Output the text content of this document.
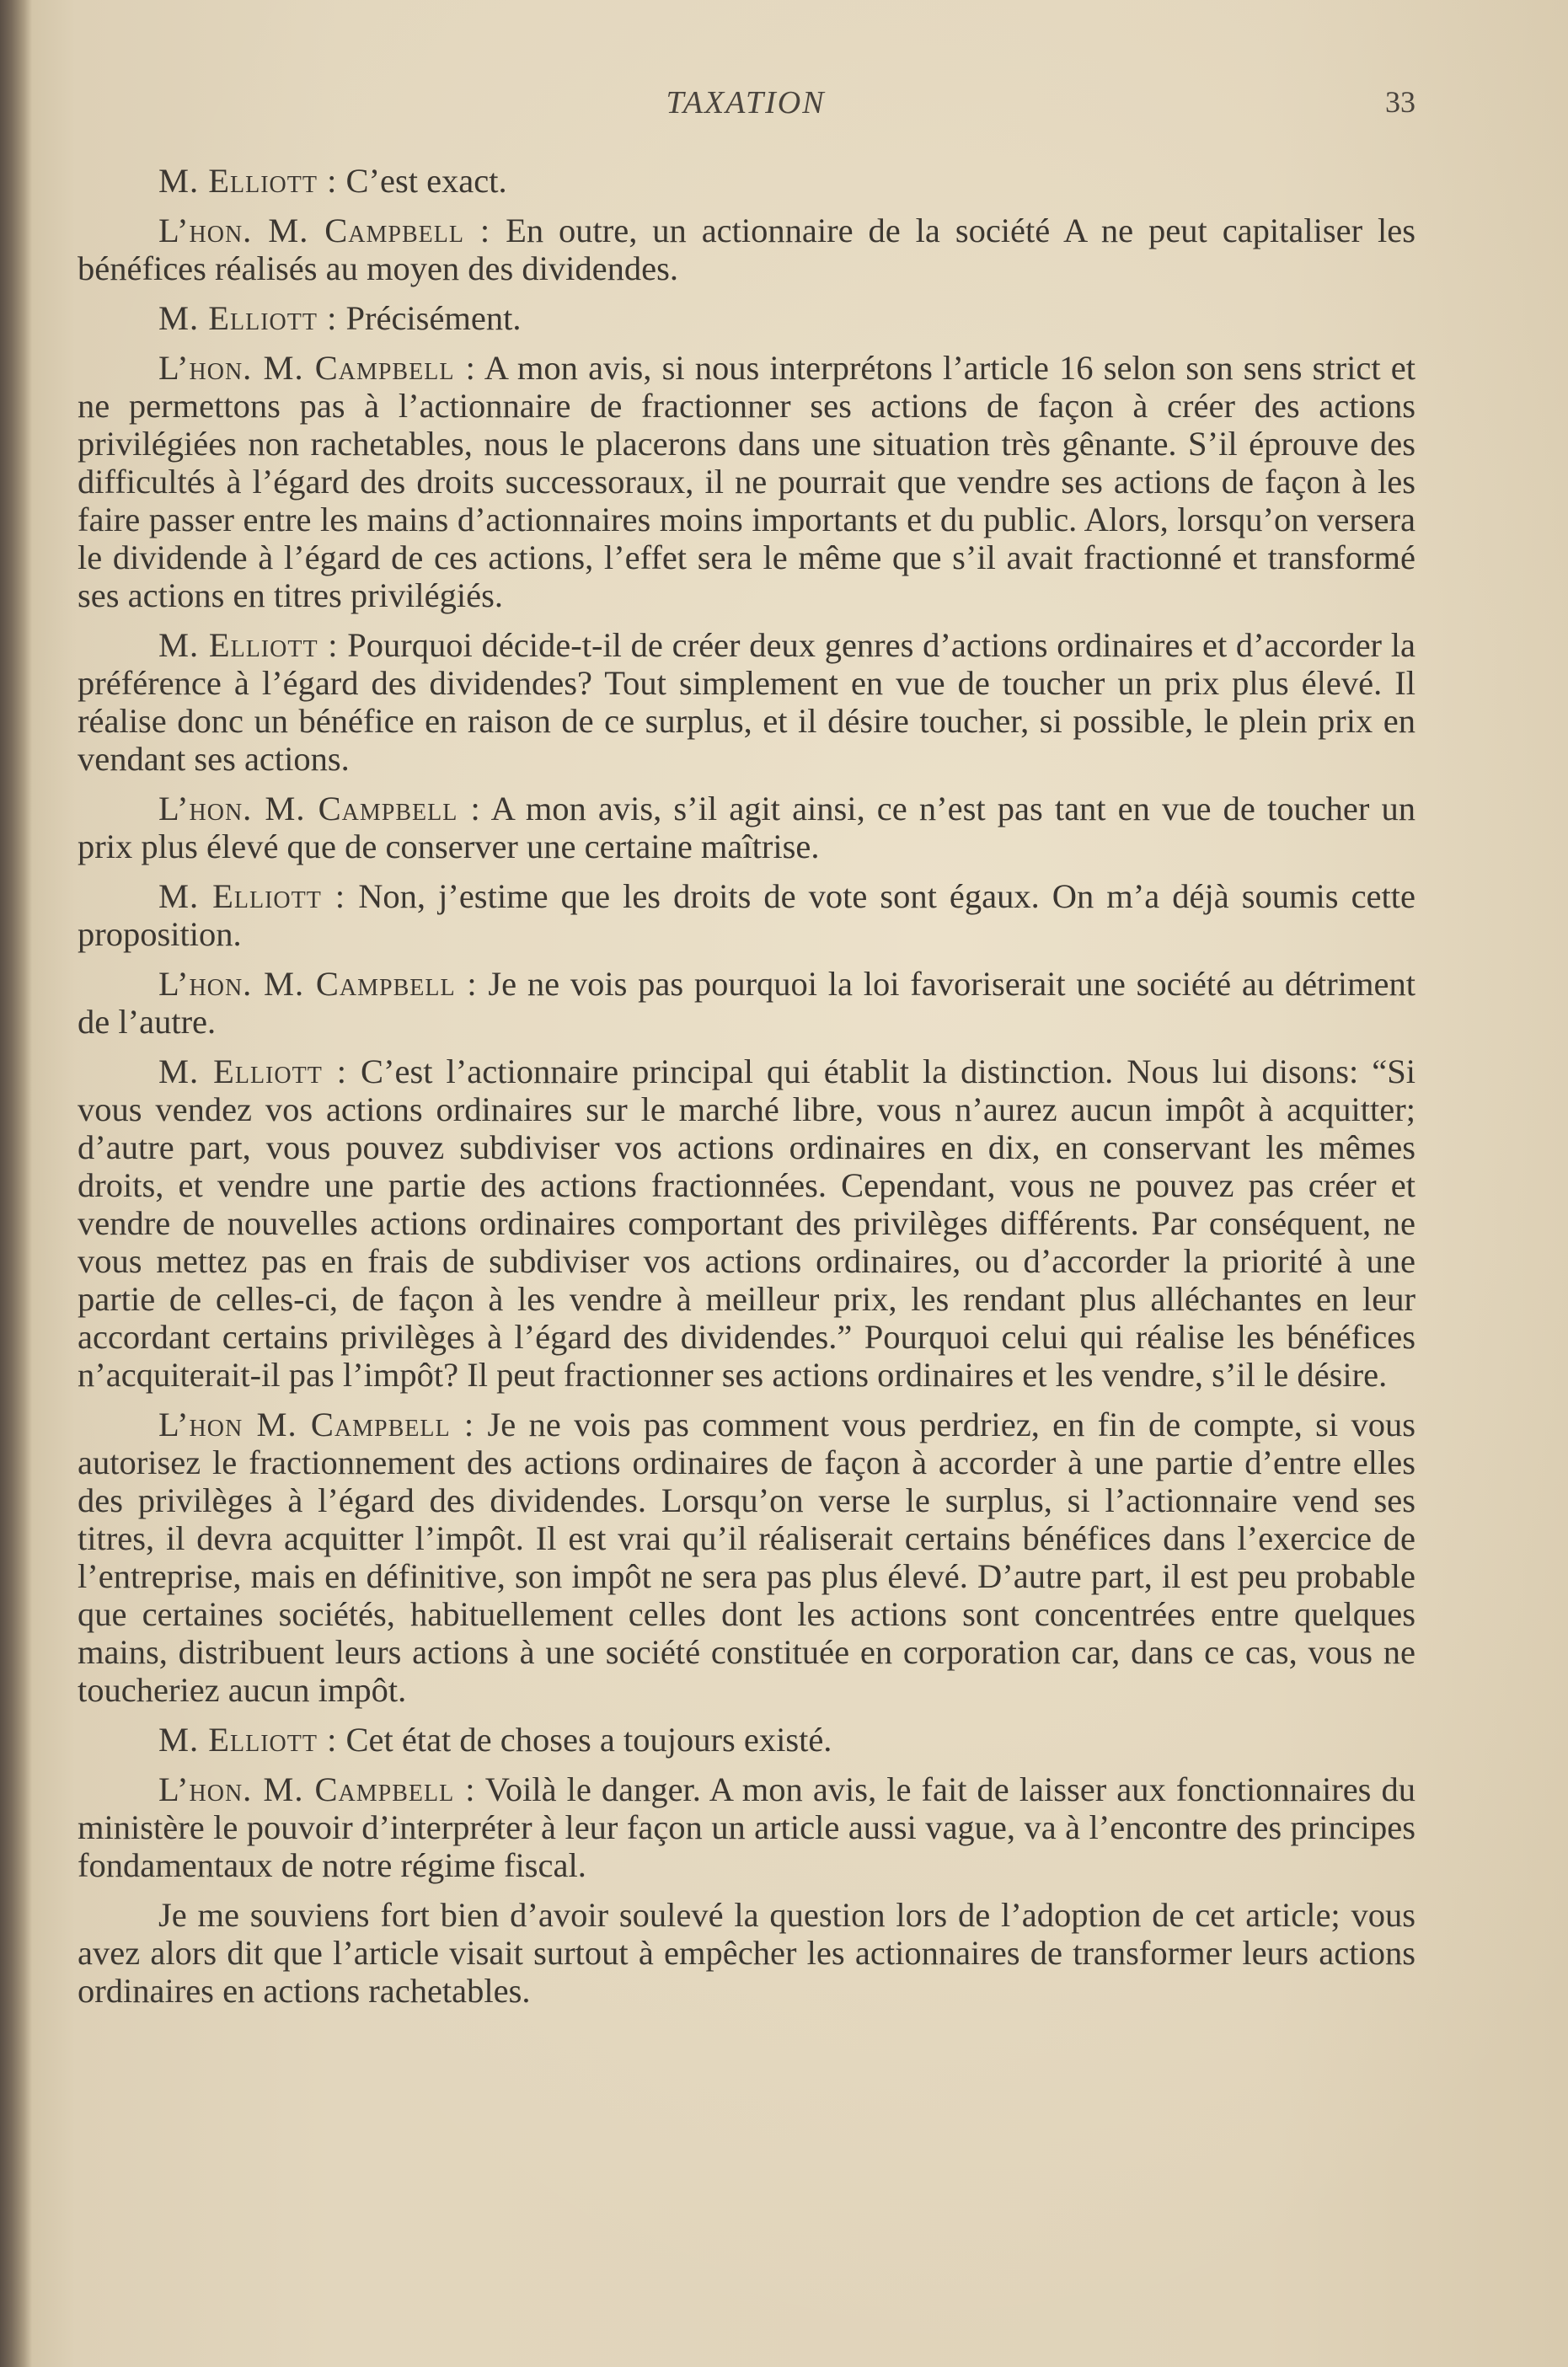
TAXATION	33

M. Elliott : C’est exact.

L’hon. M. Campbell : En outre, un actionnaire de la société A ne peut capitaliser les bénéfices réalisés au moyen des dividendes.

M. Elliott : Précisément.

L’hon. M. Campbell : A mon avis, si nous interprétons l’article 16 selon son sens strict et ne permettons pas à l’actionnaire de fractionner ses actions de façon à créer des actions privilégiées non rachetables, nous le placerons dans une situation très gênante. S’il éprouve des difficultés à l’égard des droits successoraux, il ne pourrait que vendre ses actions de façon à les faire passer entre les mains d’actionnaires moins importants et du public. Alors, lorsqu’on versera le dividende à l’égard de ces actions, l’effet sera le même que s’il avait fractionné et transformé ses actions en titres privilégiés.

M. Elliott : Pourquoi décide-t-il de créer deux genres d’actions ordinaires et d’accorder la préférence à l’égard des dividendes? Tout simplement en vue de toucher un prix plus élevé. Il réalise donc un bénéfice en raison de ce surplus, et il désire toucher, si possible, le plein prix en vendant ses actions.

L’hon. M. Campbell : A mon avis, s’il agit ainsi, ce n’est pas tant en vue de toucher un prix plus élevé que de conserver une certaine maîtrise.

M. Elliott : Non, j’estime que les droits de vote sont égaux. On m’a déjà soumis cette proposition.

L’hon. M. Campbell : Je ne vois pas pourquoi la loi favoriserait une société au détriment de l’autre.

M. Elliott : C’est l’actionnaire principal qui établit la distinction. Nous lui disons: “Si vous vendez vos actions ordinaires sur le marché libre, vous n’aurez aucun impôt à acquitter; d’autre part, vous pouvez subdiviser vos actions ordinaires en dix, en conservant les mêmes droits, et vendre une partie des actions fractionnées. Cependant, vous ne pouvez pas créer et vendre de nouvelles actions ordinaires comportant des privilèges différents. Par conséquent, ne vous mettez pas en frais de subdiviser vos actions ordinaires, ou d’accorder la priorité à une partie de celles-ci, de façon à les vendre à meilleur prix, les rendant plus alléchantes en leur accordant certains privilèges à l’égard des dividendes.” Pourquoi celui qui réalise les bénéfices n’acquiterait-il pas l’impôt? Il peut fractionner ses actions ordinaires et les vendre, s’il le désire.

L’hon M. Campbell : Je ne vois pas comment vous perdriez, en fin de compte, si vous autorisez le fractionnement des actions ordinaires de façon à accorder à une partie d’entre elles des privilèges à l’égard des dividendes. Lorsqu’on verse le surplus, si l’actionnaire vend ses titres, il devra acquitter l’impôt. Il est vrai qu’il réaliserait certains bénéfices dans l’exercice de l’entreprise, mais en définitive, son impôt ne sera pas plus élevé. D’autre part, il est peu probable que certaines sociétés, habituellement celles dont les actions sont concentrées entre quelques mains, distribuent leurs actions à une société constituée en corporation car, dans ce cas, vous ne toucheriez aucun impôt.

M. Elliott : Cet état de choses a toujours existé.

L’hon. M. Campbell : Voilà le danger. A mon avis, le fait de laisser aux fonctionnaires du ministère le pouvoir d’interpréter à leur façon un article aussi vague, va à l’encontre des principes fondamentaux de notre régime fiscal.

Je me souviens fort bien d’avoir soulevé la question lors de l’adoption de cet article; vous avez alors dit que l’article visait surtout à empêcher les actionnaires de transformer leurs actions ordinaires en actions rachetables.
